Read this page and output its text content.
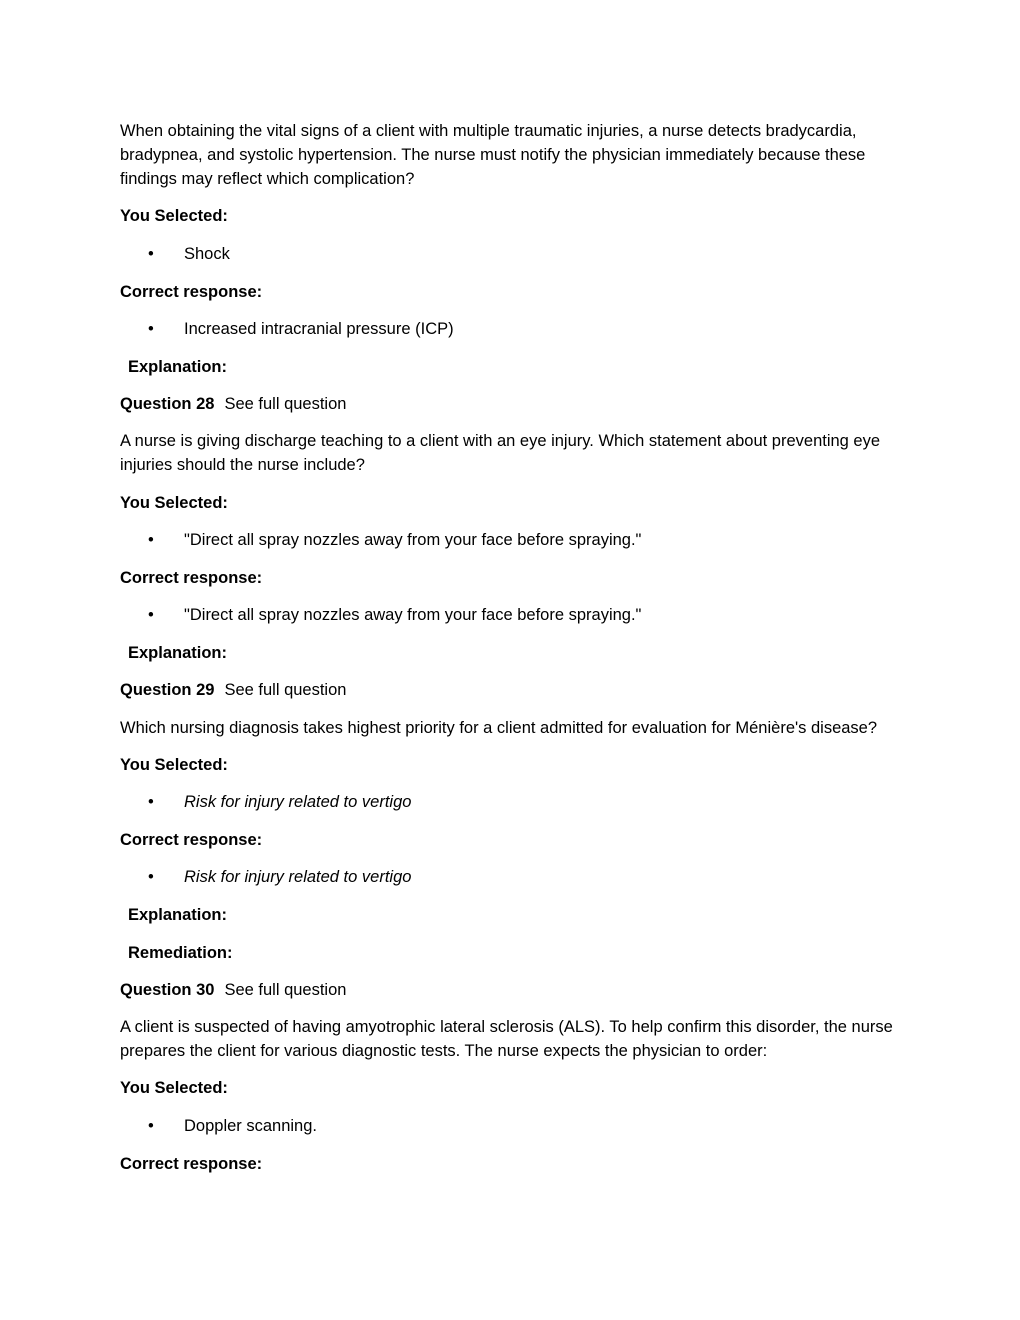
When obtaining the vital signs of a client with multiple traumatic injuries, a nurse detects bradycardia, bradypnea, and systolic hypertension. The nurse must notify the physician immediately because these findings may reflect which complication?

You Selected:
• Shock
Correct response:
• Increased intracranial pressure (ICP)
Explanation:
Question 28 See full question

A nurse is giving discharge teaching to a client with an eye injury. Which statement about preventing eye injuries should the nurse include?

You Selected:
• "Direct all spray nozzles away from your face before spraying."
Correct response:
• "Direct all spray nozzles away from your face before spraying."
Explanation:
Question 29 See full question

Which nursing diagnosis takes highest priority for a client admitted for evaluation for Ménière's disease?

You Selected:
• Risk for injury related to vertigo
Correct response:
• Risk for injury related to vertigo
Explanation:
Remediation:
Question 30 See full question

A client is suspected of having amyotrophic lateral sclerosis (ALS). To help confirm this disorder, the nurse prepares the client for various diagnostic tests. The nurse expects the physician to order:

You Selected:
• Doppler scanning.
Correct response:
